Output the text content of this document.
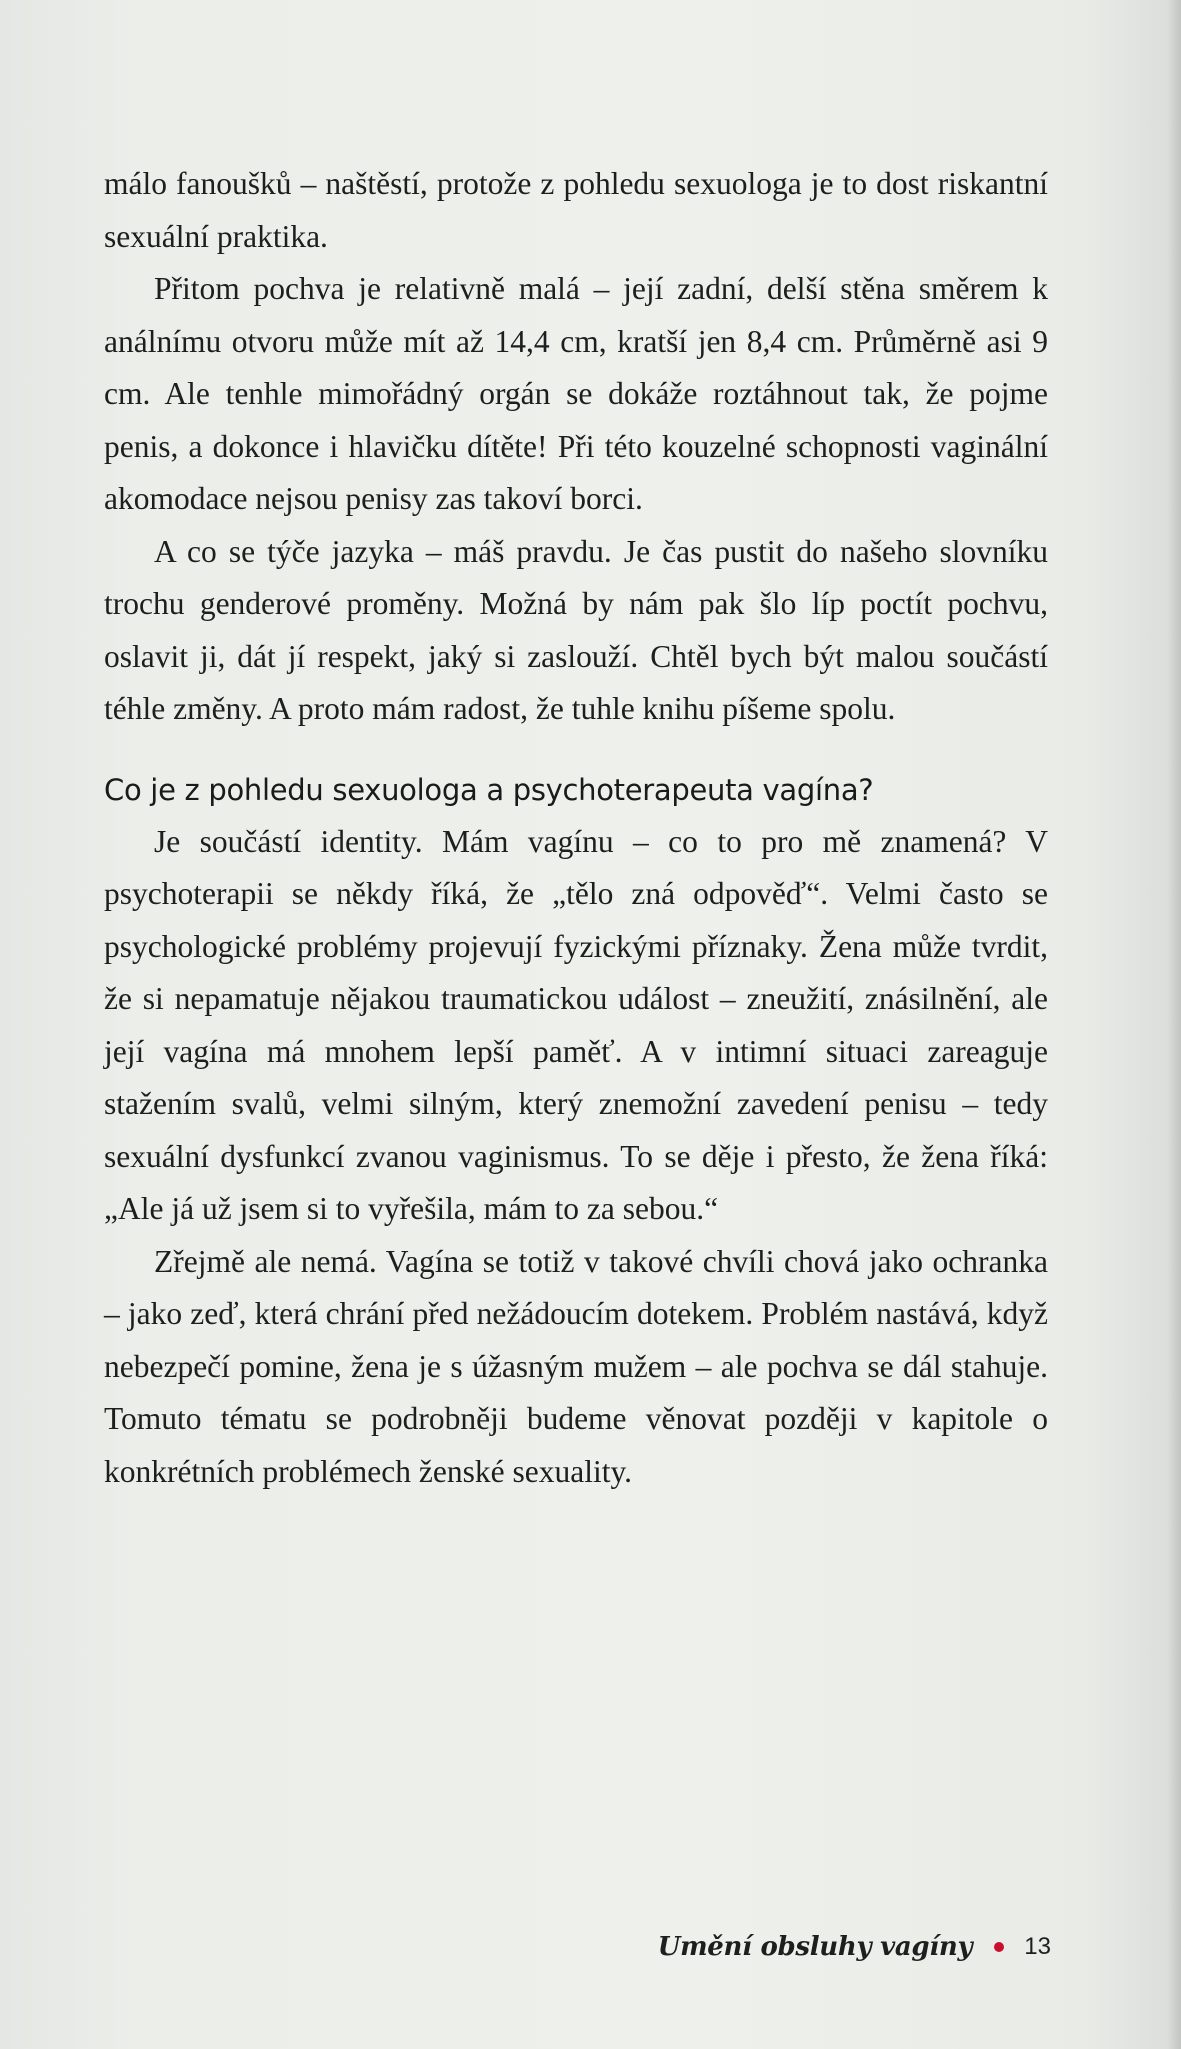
málo fanoušků – naštěstí, protože z pohledu sexuologa je to dost riskantní sexuální praktika.

Přitom pochva je relativně malá – její zadní, delší stěna směrem k análnímu otvoru může mít až 14,4 cm, kratší jen 8,4 cm. Průměrně asi 9 cm. Ale tenhle mimořádný orgán se dokáže roztáhnout tak, že pojme penis, a dokonce i hlavičku dítěte! Při této kouzelné schopnosti vaginální akomodace nejsou penisy zas takoví borci.

A co se týče jazyka – máš pravdu. Je čas pustit do našeho slovníku trochu genderové proměny. Možná by nám pak šlo líp poctít pochvu, oslavit ji, dát jí respekt, jaký si zaslouží. Chtěl bych být malou součástí téhle změny. A proto mám radost, že tuhle knihu píšeme spolu.

Co je z pohledu sexuologa a psychoterapeuta vagína?

Je součástí identity. Mám vagínu – co to pro mě znamená? V psychoterapii se někdy říká, že „tělo zná odpověď“. Velmi často se psychologické problémy projevují fyzickými příznaky. Žena může tvrdit, že si nepamatuje nějakou traumatickou událost – zneužití, znásilnění, ale její vagína má mnohem lepší paměť. A v intimní situaci zareaguje stažením svalů, velmi silným, který znemožní zavedení penisu – tedy sexuální dysfunkcí zvanou vaginismus. To se děje i přesto, že žena říká: „Ale já už jsem si to vyřešila, mám to za sebou.“

Zřejmě ale nemá. Vagína se totiž v takové chvíli chová jako ochranka – jako zeď, která chrání před nežádoucím dotekem. Problém nastává, když nebezpečí pomine, žena je s úžasným mužem – ale pochva se dál stahuje. Tomuto tématu se podrobněji budeme věnovat později v kapitole o konkrétních problémech ženské sexuality.

Umění obsluhy vagíny 13
